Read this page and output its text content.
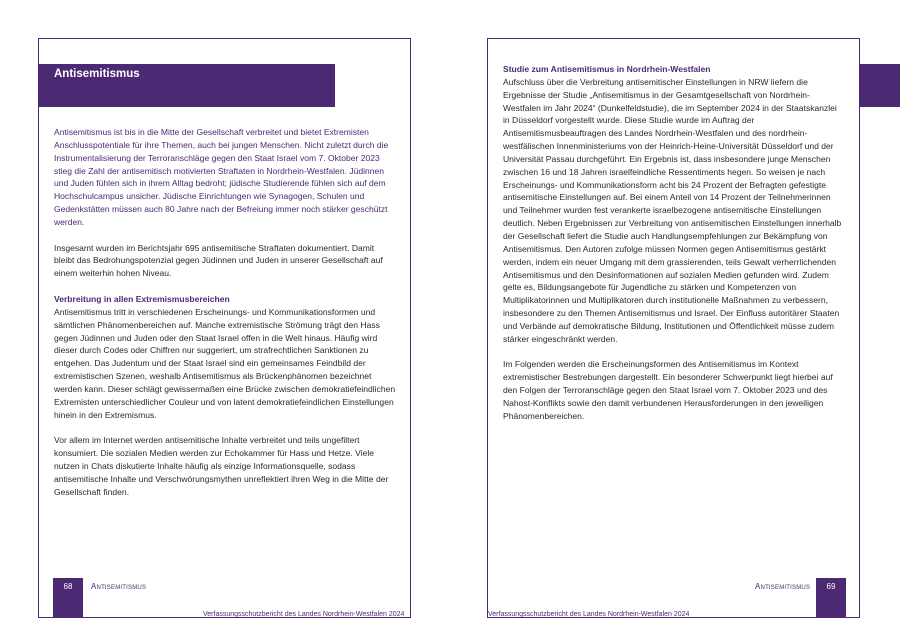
Antisemitismus

Antisemitismus ist bis in die Mitte der Gesellschaft verbreitet und bietet Extremisten Anschlusspotentiale für ihre Themen, auch bei jungen Menschen. Nicht zuletzt durch die Instrumentalisierung der Terroranschläge gegen den Staat Israel vom 7. Oktober 2023 stieg die Zahl der antisemitisch motivierten Straftaten in Nordrhein-Westfalen. Jüdinnen und Juden fühlen sich in ihrem Alltag bedroht; jüdische Studierende fühlen sich auf dem Hochschulcampus unsicher. Jüdische Einrichtungen wie Synagogen, Schulen und Gedenkstätten müssen auch 80 Jahre nach der Befreiung immer noch stärker geschützt werden.

Insgesamt wurden im Berichtsjahr 695 antisemitische Straftaten dokumentiert. Damit bleibt das Bedrohungspotenzial gegen Jüdinnen und Juden in unserer Gesellschaft auf einem weiterhin hohen Niveau.

Verbreitung in allen Extremismusbereichen

Antisemitismus tritt in verschiedenen Erscheinungs- und Kommunikationsformen und sämtlichen Phänomenbereichen auf. Manche extremistische Strömung trägt den Hass gegen Jüdinnen und Juden oder den Staat Israel offen in die Welt hinaus. Häufig wird dieser durch Codes oder Chiffren nur suggeriert, um strafrechtlichen Sanktionen zu entgehen. Das Judentum und der Staat Israel sind ein gemeinsames Feindbild der extremistischen Szenen, weshalb Antisemitismus als Brückenphänomen bezeichnet werden kann. Dieser schlägt gewissermaßen eine Brücke zwischen demokratiefeindlichen Extremisten unterschiedlicher Couleur und von latent demokratiefeindlichen Einstellungen hinein in den Extremismus.

Vor allem im Internet werden antisemitische Inhalte verbreitet und teils ungefiltert konsumiert. Die sozialen Medien werden zur Echokammer für Hass und Hetze. Viele nutzen in Chats diskutierte Inhalte häufig als einzige Informationsquelle, sodass antisemitische Inhalte und Verschwörungsmythen unreflektiert ihren Weg in die Mitte der Gesellschaft finden.

68	Antisemitismus
Verfassungsschutzbericht des Landes Nordrhein-Westfalen 2024
Studie zum Antisemitismus in Nordrhein-Westfalen

Aufschluss über die Verbreitung antisemitischer Einstellungen in NRW liefern die Ergebnisse der Studie „Antisemitismus in der Gesamtgesellschaft von Nordrhein-Westfalen im Jahr 2024“ (Dunkelfeldstudie), die im September 2024 in der Staatskanzlei in Düsseldorf vorgestellt wurde. Diese Studie wurde im Auftrag der Antisemitismusbeauftragen des Landes Nordrhein-Westfalen und des nordrhein-westfälischen Innenministeriums von der Heinrich-Heine-Universität Düsseldorf und der Universität Passau durchgeführt. Ein Ergebnis ist, dass insbesondere junge Menschen zwischen 16 und 18 Jahren israelfeindliche Ressentiments hegen. So weisen je nach Erscheinungs- und Kommunikationsform acht bis 24 Prozent der Befragten gefestigte antisemitische Einstellungen auf. Bei einem Anteil von 14 Prozent der Teilnehmerinnen und Teilnehmer wurden fest verankerte israelbezogene antisemitische Einstellungen deutlich. Neben Ergebnissen zur Verbreitung von antisemitischen Einstellungen innerhalb der Gesellschaft liefert die Studie auch Handlungsempfehlungen zur Bekämpfung von Antisemitismus. Den Autoren zufolge müssen Normen gegen Antisemitismus gestärkt werden, indem ein neuer Umgang mit dem grassierenden, teils Gewalt verherrlichenden Antisemitismus und den Desinformationen auf sozialen Medien gefunden wird. Zudem gelte es, Bildungsangebote für Jugendliche zu stärken und Kompetenzen von Multiplikatorinnen und Multiplikatoren durch institutionelle Maßnahmen zu verbessern, insbesondere zu den Themen Antisemitismus und Israel. Der Einfluss autoritärer Staaten und Verbände auf demokratische Bildung, Institutionen und Öffentlichkeit müsse zudem stärker eingeschränkt werden.

Im Folgenden werden die Erscheinungsformen des Antisemitismus im Kontext extremistischer Bestrebungen dargestellt. Ein besonderer Schwerpunkt liegt hierbei auf den Folgen der Terroranschläge gegen den Staat Israel vom 7. Oktober 2023 und des Nahost-Konflikts sowie den damit verbundenen Herausforderungen in den jeweiligen Phänomenbereichen.

69
Antisemitismus
Verfassungsschutzbericht des Landes Nordrhein-Westfalen 2024
